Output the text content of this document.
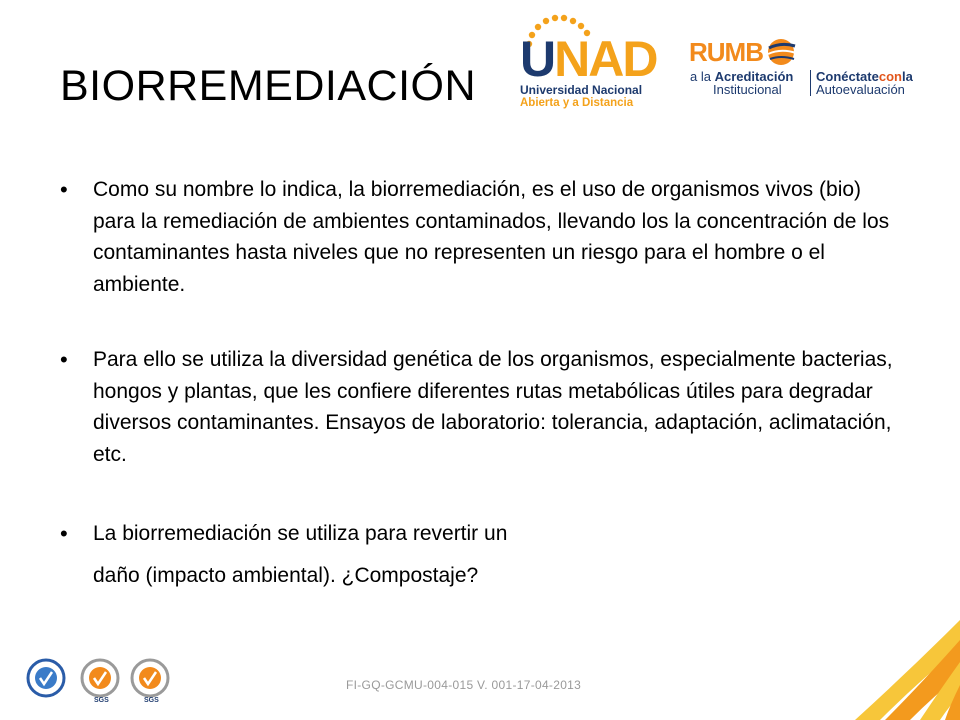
BIORREMEDIACIÓN UNAD
Universidad Nacional
Abierta y a Distancia
RUMB
a la Acreditación
Institucional
Conéctateconla
Autoevaluación
• Como su nombre lo indica, la biorremediación, es el uso de organismos vivos (bio) para la remediación de ambientes contaminados, llevando los la concentración de los contaminantes hasta niveles que no representen un riesgo para el hombre o el ambiente.
• Para ello se utiliza la diversidad genética de los organismos, especialmente bacterias, hongos y plantas, que les confiere diferentes rutas metabólicas útiles para degradar diversos contaminantes. Ensayos de laboratorio: tolerancia, adaptación, aclimatación, etc.
• La biorremediación se utiliza para revertir un
daño (impacto ambiental). ¿Compostaje?
SGS	SGS
FI-GQ-GCMU-004-015 V. 001-17-04-2013
